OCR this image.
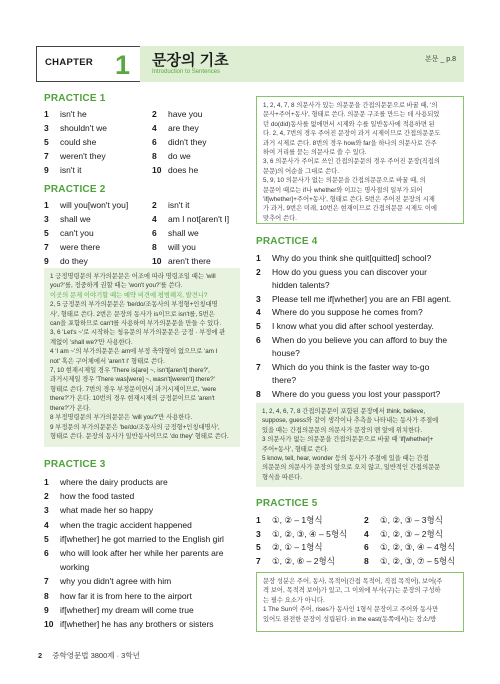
CHAPTER 1 문장의 기초
Introduction to Sentences
본문 _ p.8
PRACTICE 1
1 isn't he	2 have you
3 shouldn't we	4 are they
5 could she	6 didn't they
7 weren't they	8 do we
9 isn't it	10 does he
PRACTICE 2
1 will you[won't you]	2 isn't it
3 shall we	4 am I not[aren't I]
5 can't you	6 shall we
7 were there	8 will you
9 do they	10 aren't there
1 긍정명령문의 부가의문문은 어조에 따라 명령조일 때는 'will
you?'를, 정중하게 권할 때는 'won't you?'를 쓴다.
이곳의 문제 이야기할 때는 예약 비견에 평범해지, 발견니?
2, 5 긍정문의 부가의문문은 'be/do/조동사의 부정형+인칭대명
사', 형태로 쓴다. 2번은 문장의 동사가 is이므로 isn't를, 5번은
can을 포함하므로 can't를 사용하여 부가의문문을 만들 수 있다.
3, 6 'Let's ~'로 시작하는 청유문의 부가의문문은 긍정 · 부정에 관
계없이 'shall we?'만 사용한다.
4 'I am ~'의 부가의문문은 am에 부정 축약형이 없으므로 'am I
not' 혹은 구어체에서 'aren't I' 형태로 쓴다.
7, 10 현재시제일 경우 'There is[are] ~, isn't[aren't] there?',
과거시제일 경우 'There was[were] ~, wasn't[weren't] there?'
형태로 쓴다. 7번의 경우 부정문이면서 과거시제이므로, 'were
there?'가 온다. 10번의 경우 현재시제의 긍정문이므로 'aren't
there?'가 온다.
8 부정명령문의 부가의문문은 'will you?'만 사용한다.
9 부정문의 부가의문문은 'be/do/조동사의 긍정형+인칭대명사',
형태로 쓴다. 문장의 동사가 일반동사이므로 'do they' 형태로 쓴다.
PRACTICE 3
1 where the dairy products are
2 how the food tasted
3 what made her so happy
4 when the tragic accident happened
5 if[whether] he got married to the English girl
6 who will look after her while her parents are
working
7 why you didn't agree with him
8 how far it is from here to the airport
9 if[whether] my dream will come true
10 if[whether] he has any brothers or sisters
1, 2, 4, 7, 8 의문사가 있는 의문문을 간접의문문으로 바꿀 때, '의
문사+주어+동사', 형태로 쓴다. 의문문 구조를 만드는 데 사용되었
던 do(did)동사를 없애면서 시제와 수를 일반동사에 적용하면 된
다. 2, 4, 7번의 경우 주어진 문장이 과거 시제이므로 간접의문문도
과거 시제로 쓴다. 8번의 경우 how와 far을 하나의 의문사로 간주
하여 거리를 묻는 의문사로 쓸 수 있다.
3, 6 의문사가 주어로 쓰인 간접의문문의 경우 주어진 문장(직접의
문문)의 어순을 그대로 쓴다.
5, 9, 10 의문사가 없는 의문문을 간접의문문으로 바꿀 때, 의
문문이 때로는 if나 whether와 이끄는 명사절의 일부가 되어
'if[whether]+주어+동사', 형태로 쓴다. 5번은 주어진 문장의 시제
가 과거, 9번은 미래, 10번은 현재이므로 간접의문문 시제도 이에
맞추어 쓴다.
PRACTICE 4
1 Why do you think she quit[quitted] school?
2 How do you guess you can discover your
hidden talents?
3 Please tell me if[whether] you are an FBI agent.
4 Where do you suppose he comes from?
5 I know what you did after school yesterday.
6 When do you believe you can afford to buy the
house?
7 Which do you think is the faster way to-go
there?
8 Where do you guess you lost your passport?
1, 2, 4, 6, 7, 8 간접의문문이 포함된 문장에서 think, believe,
suppose, guess와 같이 생각이나 추측을 나타내는 동사가 주절에
있을 때는 간접의문문의 의문사가 문장의 맨 앞에 위치한다.
3 의문사가 없는 의문문을 간접의문문으로 바꿀 때 'if[whether]+
주어+동사', 형태로 쓴다.
5 know, tell, hear, wonder 등의 동사가 주절에 있을 때는 간접
의문문의 의문사가 문장의 앞으로 오지 않고, 일반적인 간접의문문
형식을 따른다.
PRACTICE 5
1 ①, ② – 1형식	2 ①, ②, ③ – 3형식
3 ①, ②, ③, ④ – 5형식 4 ①, ②, ③ – 2형식
5 ②, ① – 1형식	6 ①, ②, ③, ④ – 4형식
7 ①, ②, ⑥ – 2형식	8 ①, ②, ③, ⑦ – 5형식
문장 성분은 주어, 동사, 목적어(간접 목적어, 직접 목적어), 보어(주
격 보어, 목적격 보어)가 있고, 그 이외에 부사(구)는 문장의 구성하
는 필수 요소가 아니다.
1 The Sun이 주어, rises가 동사인 1형식 문장이고 주어와 동사만
있어도 완전한 문장이 성립된다. in the east(동쪽에서)는 장소/방
2 중학영문법 3800제 · 3학년
